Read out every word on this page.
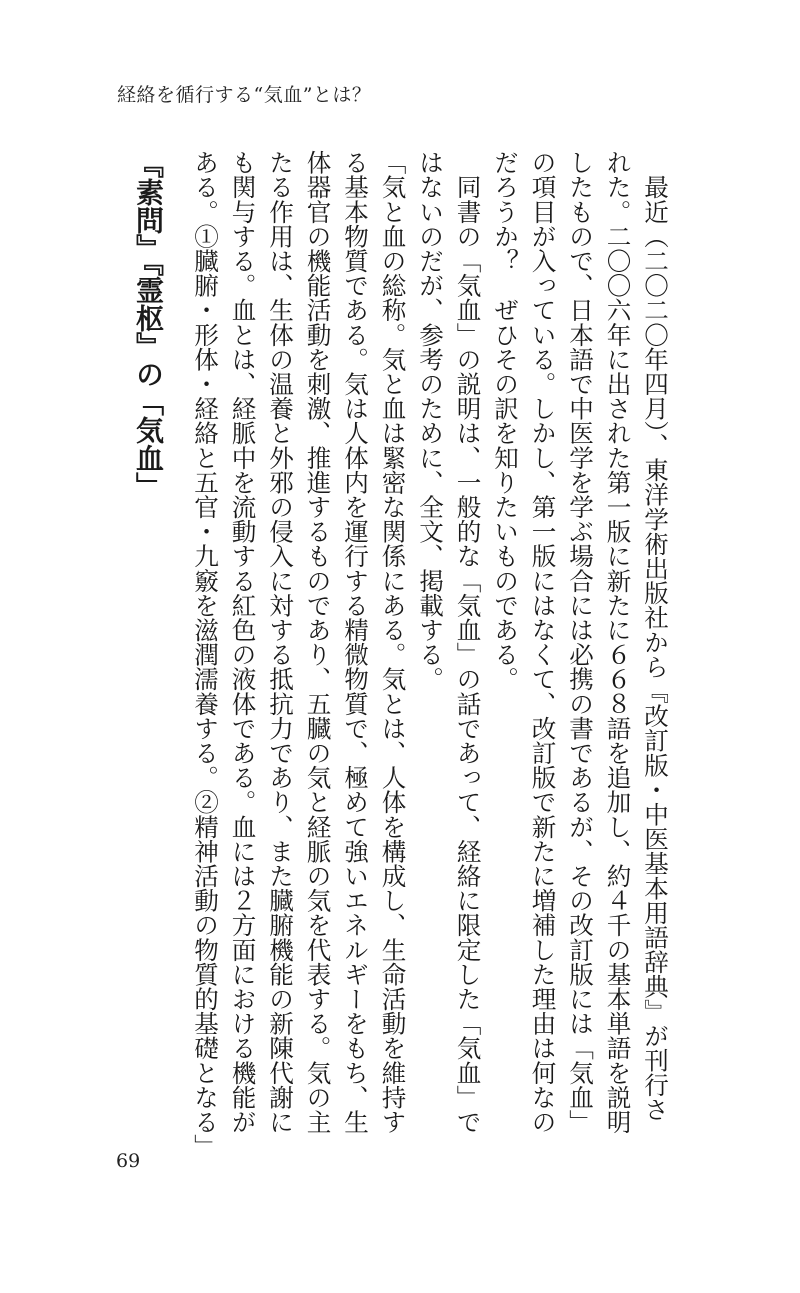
経絡を循行する“気血”とは？
　最近（二〇二〇年四月）、東洋学術出版社から『改訂版・中医基本用語辞典』が刊行さ
れた。二〇〇六年に出された第一版に新たに６６８語を追加し、約４千の基本単語を説明
したもので、日本語で中医学を学ぶ場合には必携の書であるが、その改訂版には「気血」
の項目が入っている。しかし、第一版にはなくて、改訂版で新たに増補した理由は何なの
だろうか？　ぜひその訳を知りたいものである。
　同書の「気血」の説明は、一般的な「気血」の話であって、経絡に限定した「気血」で
はないのだが、参考のために、全文、掲載する。
「気と血の総称。気と血は緊密な関係にある。気とは、人体を構成し、生命活動を維持す
る基本物質である。気は人体内を運行する精微物質で、極めて強いエネルギーをもち、生
体器官の機能活動を刺激、推進するものであり、五臓の気と経脈の気を代表する。気の主
たる作用は、生体の温養と外邪の侵入に対する抵抗力であり、また臓腑機能の新陳代謝に
も関与する。血とは、経脈中を流動する紅色の液体である。血には２方面における機能が
ある。①臓腑・形体・経絡と五官・九竅を滋潤濡養する。②精神活動の物質的基礎となる」
『素問』『霊枢』の「気血」
69
